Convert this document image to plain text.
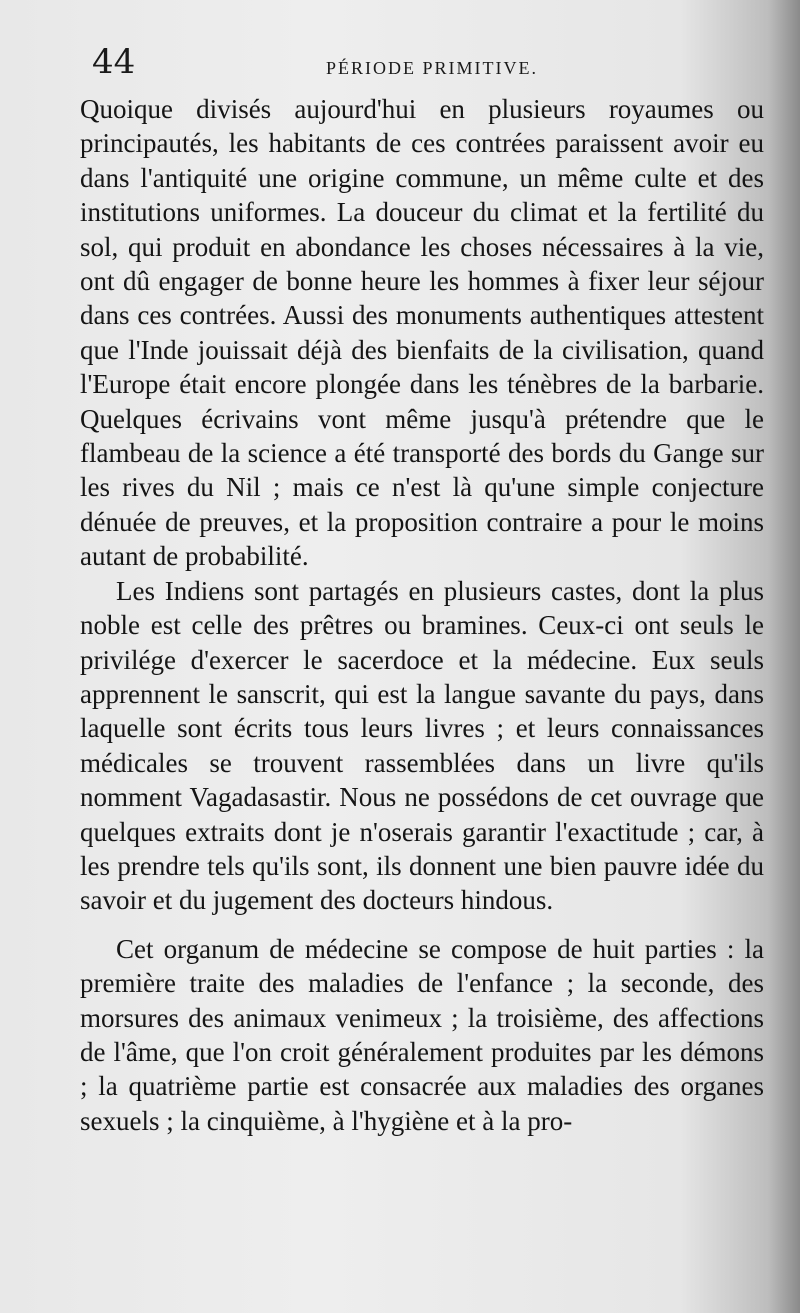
44	PÉRIODE PRIMITIVE.

Quoique divisés aujourd'hui en plusieurs royaumes ou principautés, les habitants de ces contrées paraissent avoir eu dans l'antiquité une origine commune, un même culte et des institutions uniformes. La douceur du climat et la fertilité du sol, qui produit en abondance les choses nécessaires à la vie, ont dû engager de bonne heure les hommes à fixer leur séjour dans ces contrées. Aussi des monuments authentiques attestent que l'Inde jouissait déjà des bienfaits de la civilisation, quand l'Europe était encore plongée dans les ténèbres de la barbarie. Quelques écrivains vont même jusqu'à prétendre que le flambeau de la science a été transporté des bords du Gange sur les rives du Nil ; mais ce n'est là qu'une simple conjecture dénuée de preuves, et la proposition contraire a pour le moins autant de probabilité.

Les Indiens sont partagés en plusieurs castes, dont la plus noble est celle des prêtres ou bramines. Ceux-ci ont seuls le privilége d'exercer le sacerdoce et la médecine. Eux seuls apprennent le sanscrit, qui est la langue savante du pays, dans laquelle sont écrits tous leurs livres ; et leurs connaissances médicales se trouvent rassemblées dans un livre qu'ils nomment Vagadasastir. Nous ne possédons de cet ouvrage que quelques extraits dont je n'oserais garantir l'exactitude ; car, à les prendre tels qu'ils sont, ils donnent une bien pauvre idée du savoir et du jugement des docteurs hindous.

Cet organum de médecine se compose de huit parties : la première traite des maladies de l'enfance ; la seconde, des morsures des animaux venimeux ; la troisième, des affections de l'âme, que l'on croit généralement produites par les démons ; la quatrième partie est consacrée aux maladies des organes sexuels ; la cinquième, à l'hygiène et à la pro-
